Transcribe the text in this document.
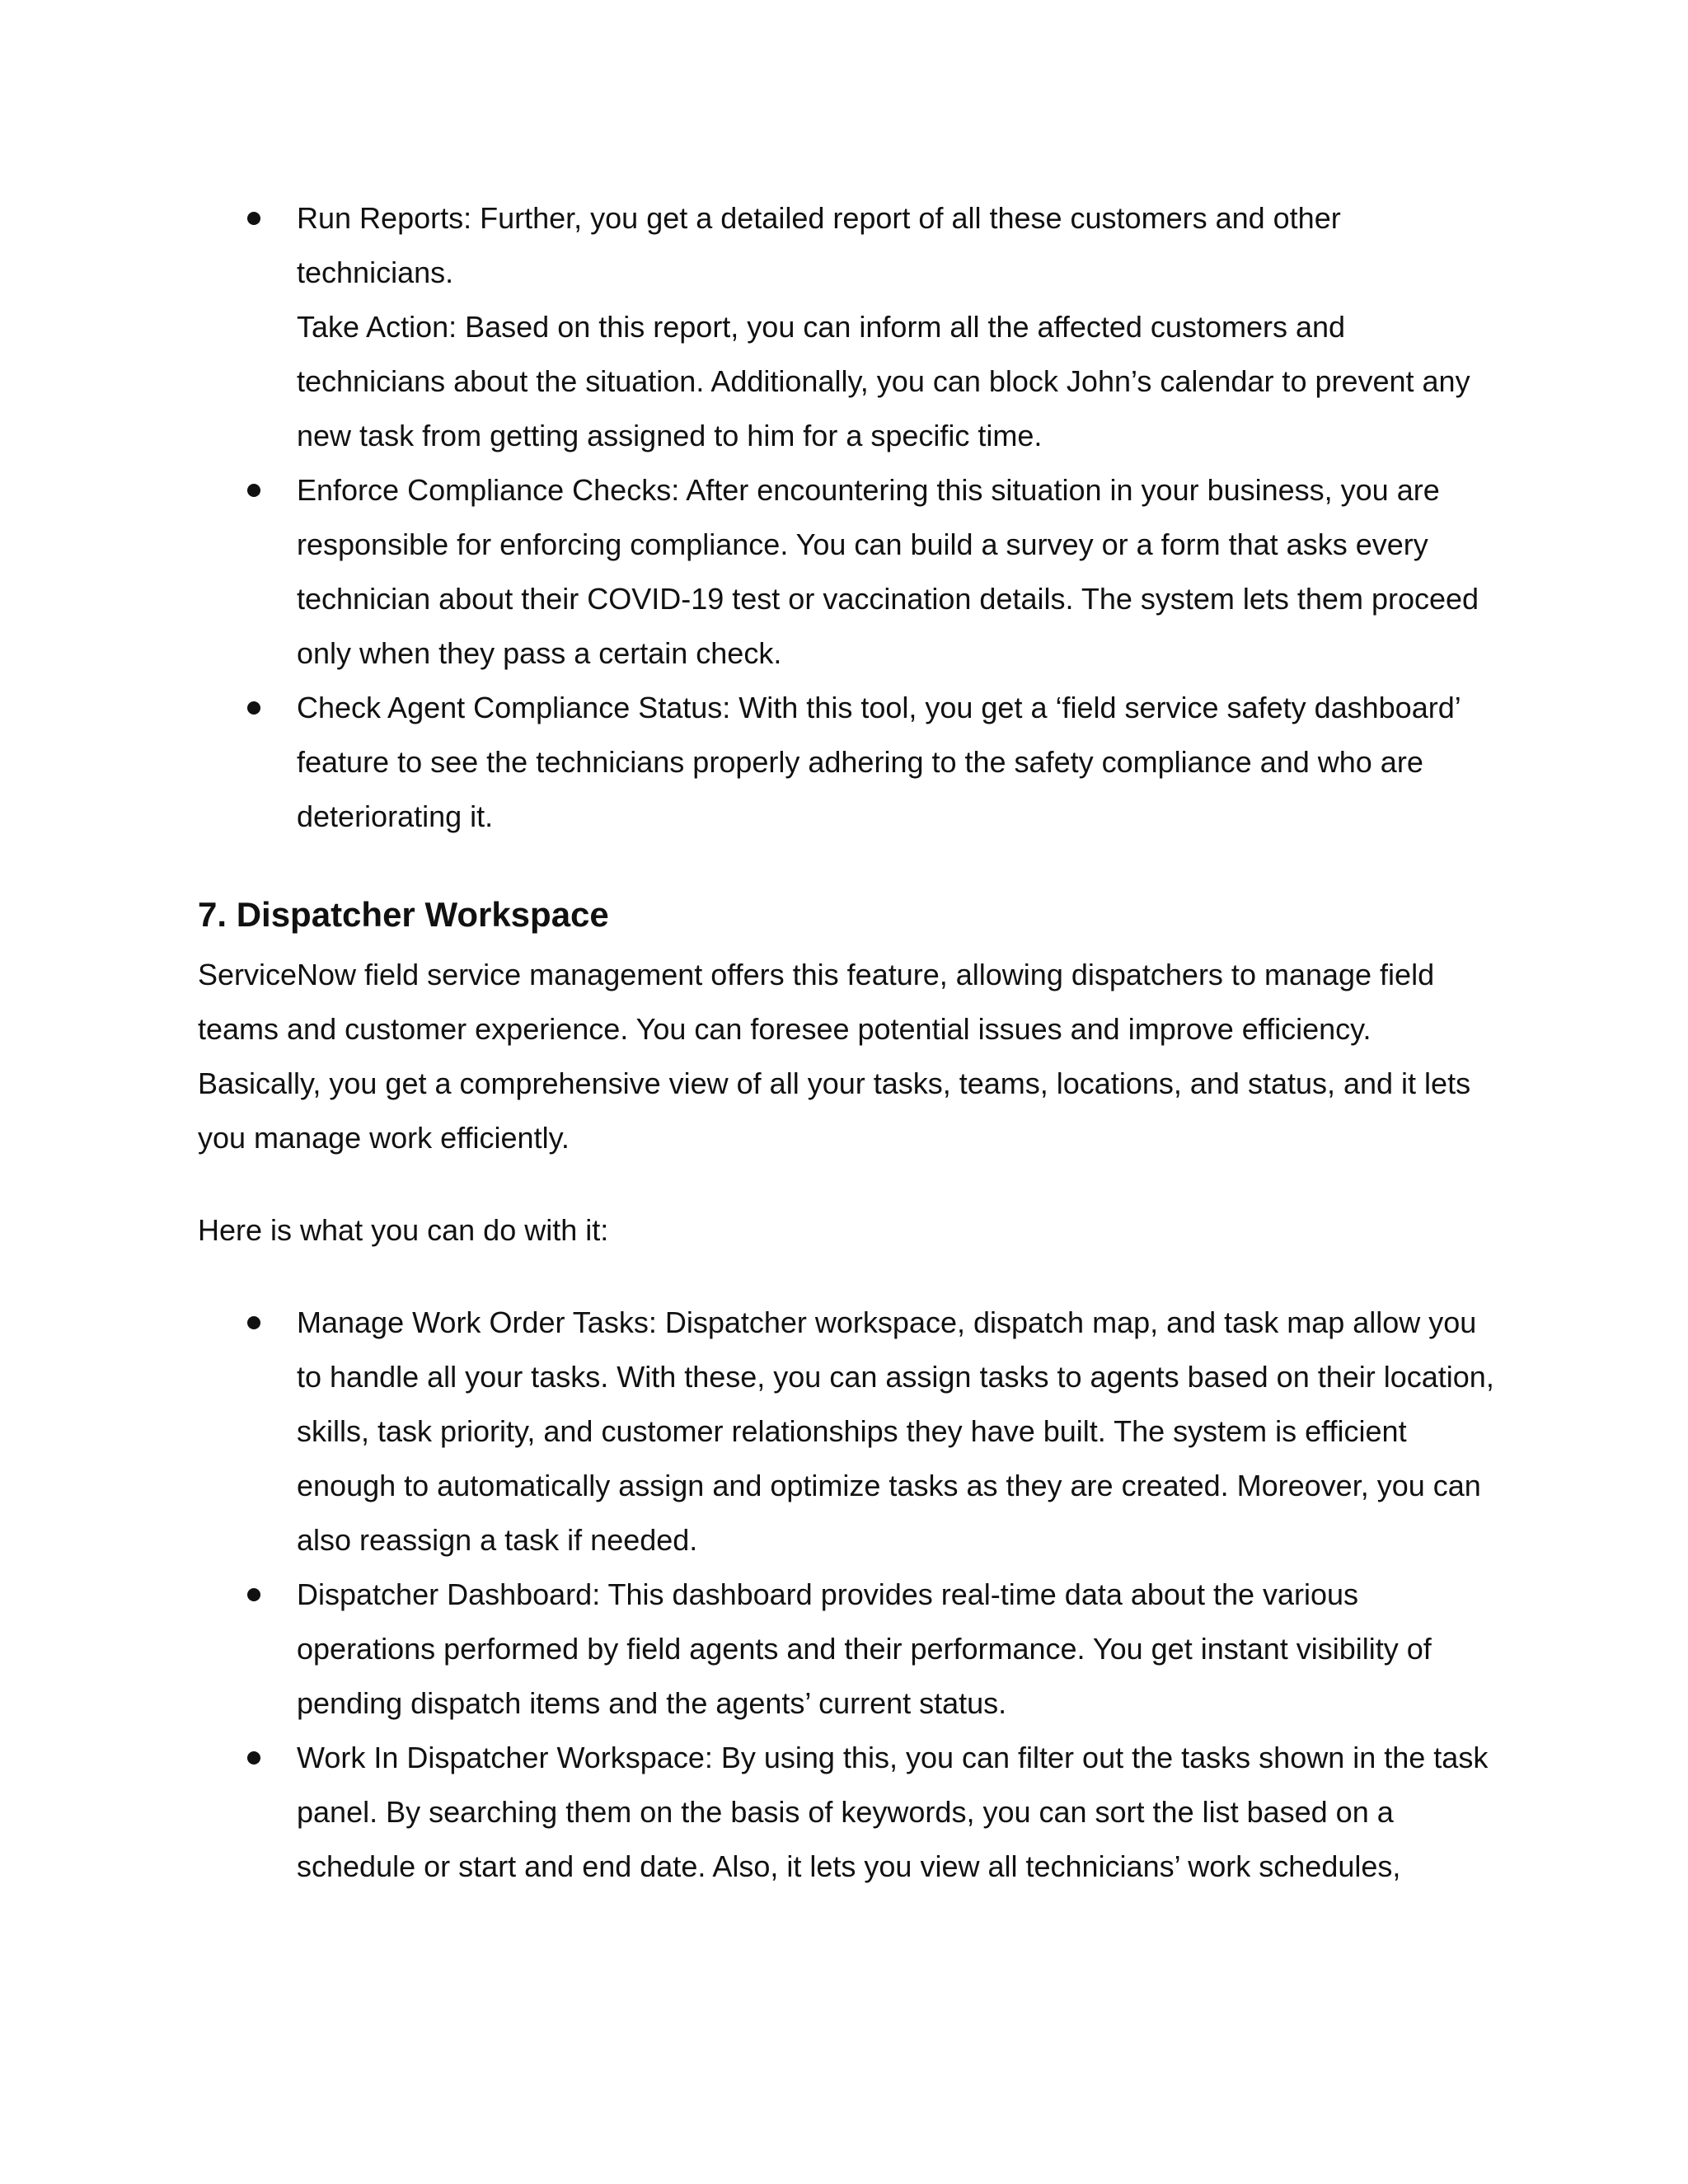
Run Reports: Further, you get a detailed report of all these customers and other technicians.
Take Action: Based on this report, you can inform all the affected customers and technicians about the situation. Additionally, you can block John’s calendar to prevent any new task from getting assigned to him for a specific time.
Enforce Compliance Checks: After encountering this situation in your business, you are responsible for enforcing compliance. You can build a survey or a form that asks every technician about their COVID-19 test or vaccination details. The system lets them proceed only when they pass a certain check.
Check Agent Compliance Status: With this tool, you get a ‘field service safety dashboard’ feature to see the technicians properly adhering to the safety compliance and who are deteriorating it.
7. Dispatcher Workspace

ServiceNow field service management offers this feature, allowing dispatchers to manage field teams and customer experience. You can foresee potential issues and improve efficiency. Basically, you get a comprehensive view of all your tasks, teams, locations, and status, and it lets you manage work efficiently.

Here is what you can do with it:

Manage Work Order Tasks: Dispatcher workspace, dispatch map, and task map allow you to handle all your tasks. With these, you can assign tasks to agents based on their location, skills, task priority, and customer relationships they have built. The system is efficient enough to automatically assign and optimize tasks as they are created. Moreover, you can also reassign a task if needed.
Dispatcher Dashboard: This dashboard provides real-time data about the various operations performed by field agents and their performance. You get instant visibility of pending dispatch items and the agents’ current status.
Work In Dispatcher Workspace: By using this, you can filter out the tasks shown in the task panel. By searching them on the basis of keywords, you can sort the list based on a schedule or start and end date. Also, it lets you view all technicians’ work schedules,
